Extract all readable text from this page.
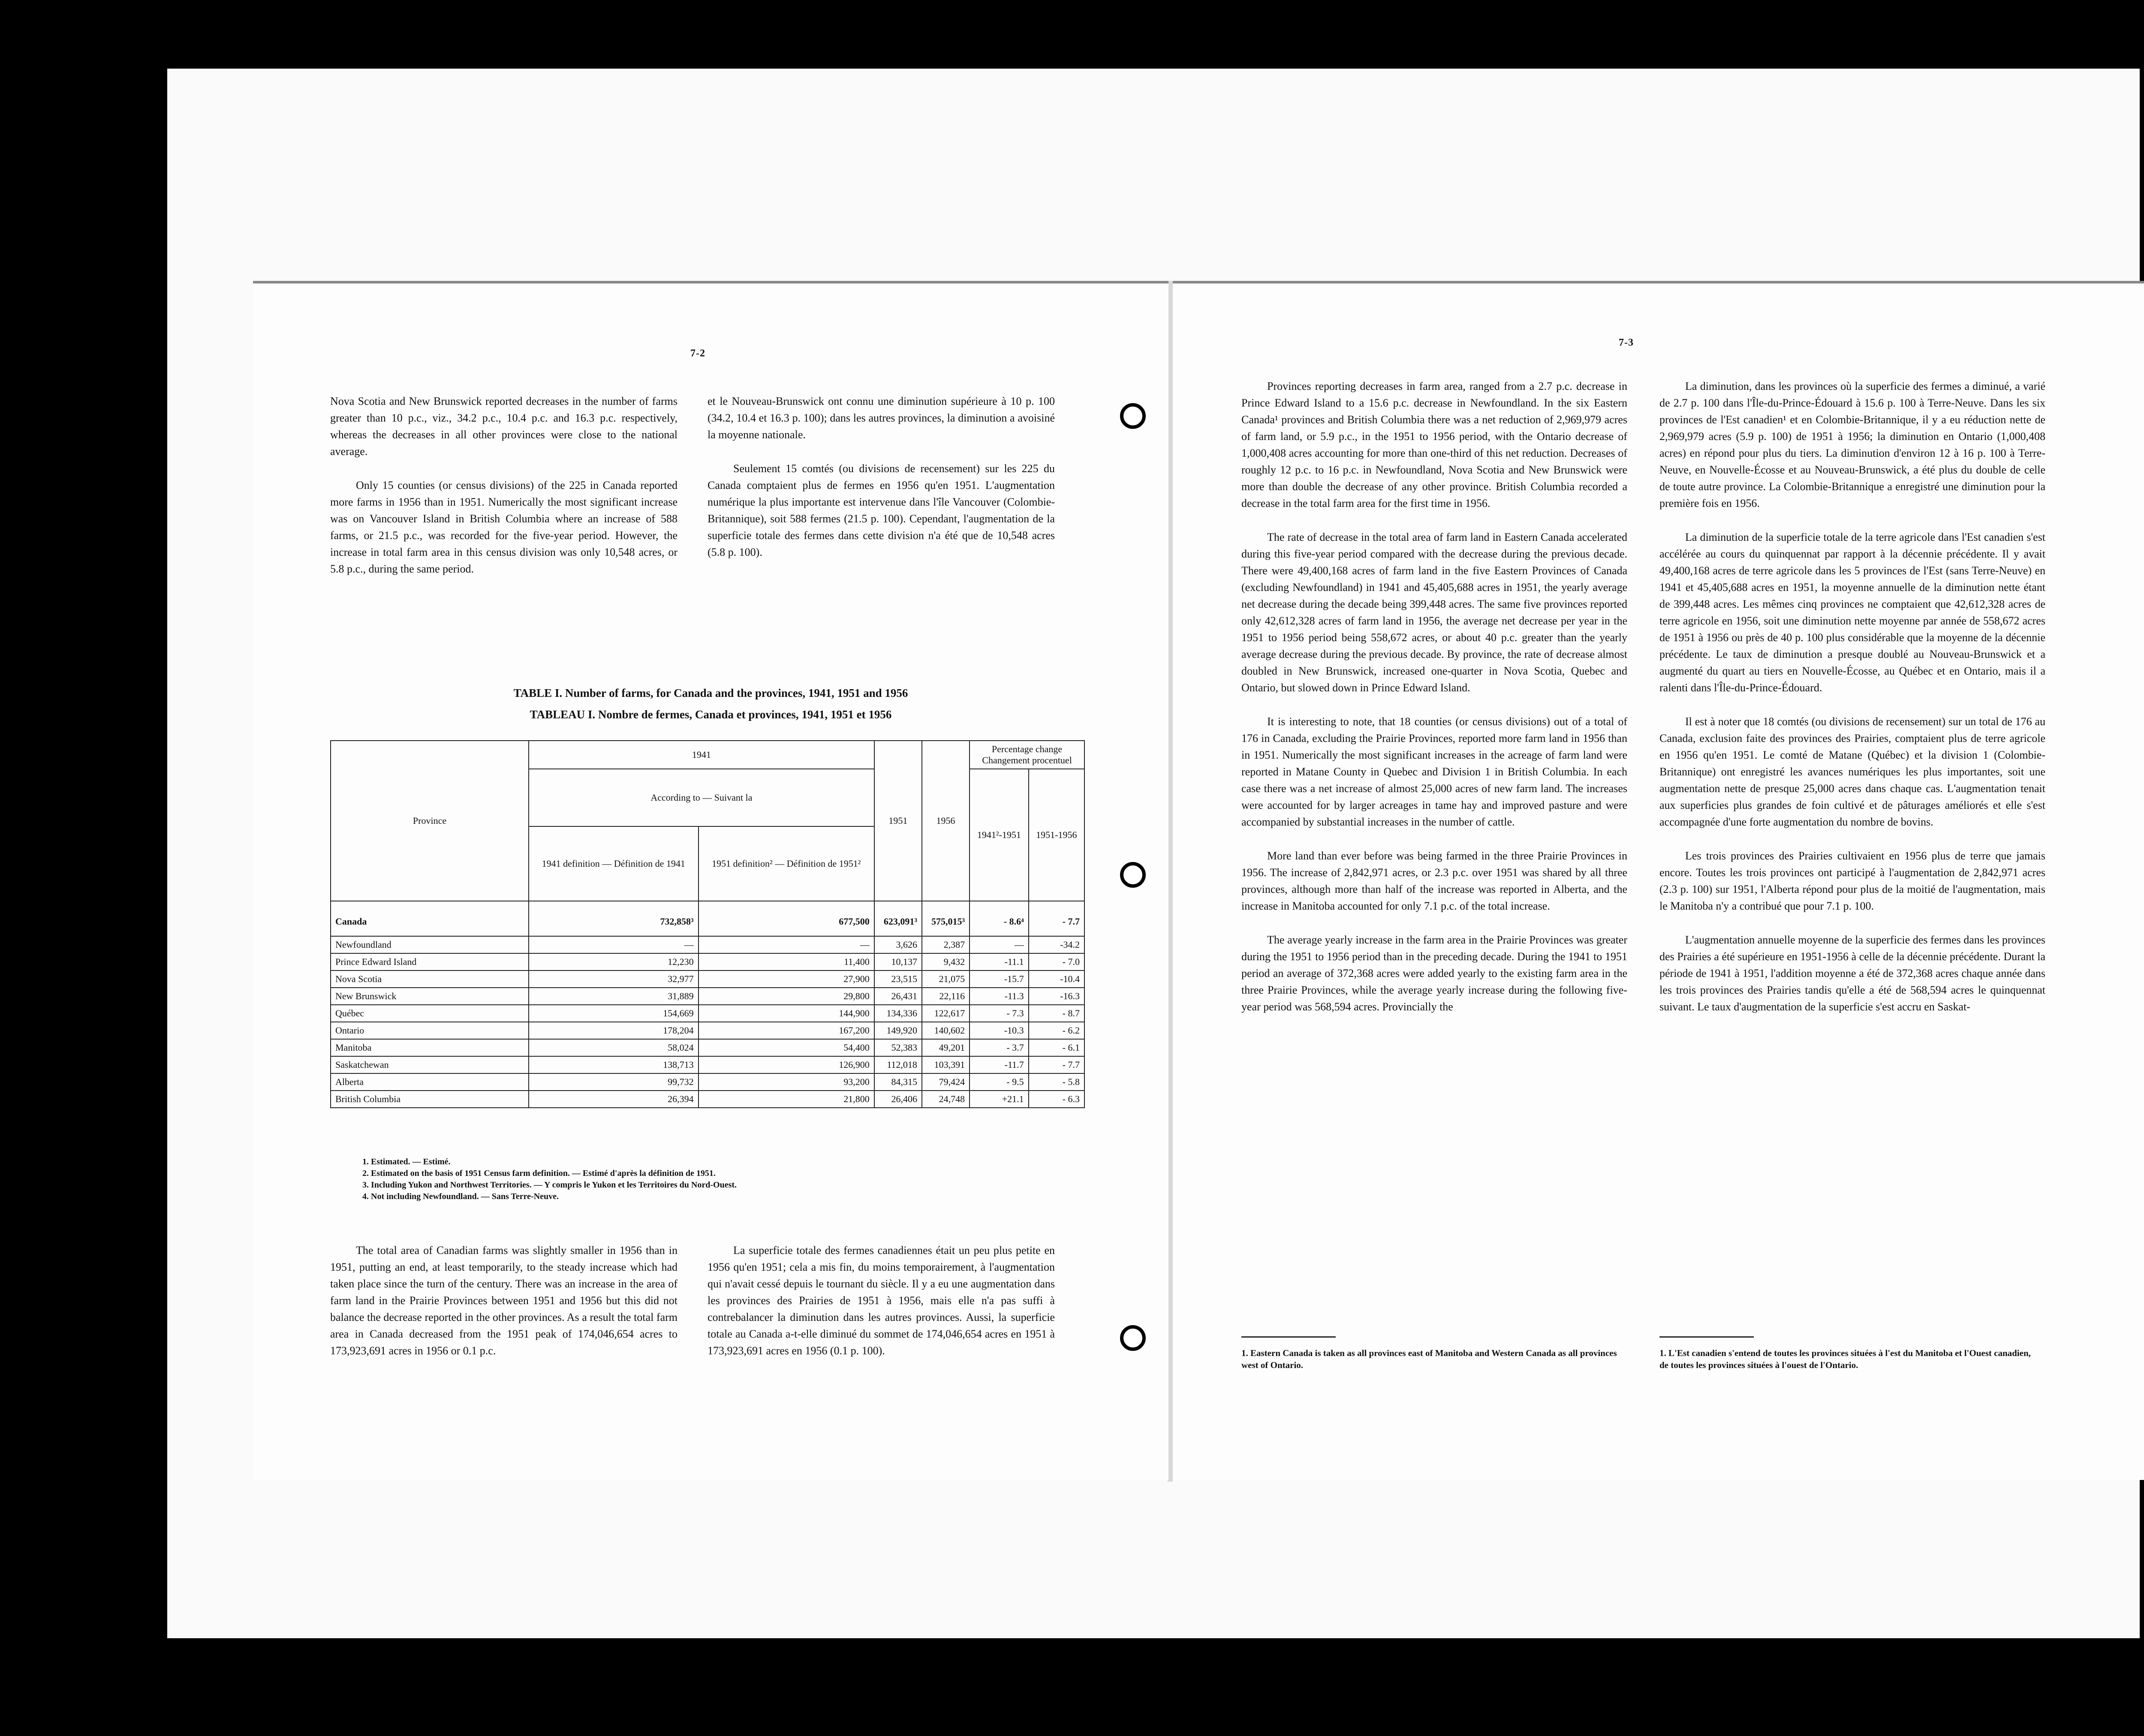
7-2

Nova Scotia and New Brunswick reported decreases in the number of farms greater than 10 p.c., viz., 34.2 p.c., 10.4 p.c. and 16.3 p.c. respectively, whereas the decreases in all other provinces were close to the national average.

Only 15 counties (or census divisions) of the 225 in Canada reported more farms in 1956 than in 1951. Numerically the most significant increase was on Vancouver Island in British Columbia where an increase of 588 farms, or 21.5 p.c., was recorded for the five-year period. However, the increase in total farm area in this census division was only 10,548 acres, or 5.8 p.c., during the same period.

et le Nouveau-Brunswick ont connu une diminution supérieure à 10 p. 100 (34.2, 10.4 et 16.3 p. 100); dans les autres provinces, la diminution a avoisiné la moyenne nationale.

Seulement 15 comtés (ou divisions de recensement) sur les 225 du Canada comptaient plus de fermes en 1956 qu'en 1951. L'augmentation numérique la plus importante est intervenue dans l'île Vancouver (Colombie-Britannique), soit 588 fermes (21.5 p. 100). Cependant, l'augmentation de la superficie totale des fermes dans cette division n'a été que de 10,548 acres (5.8 p. 100).

TABLE I. Number of farms, for Canada and the provinces, 1941, 1951 and 1956
TABLEAU I. Nombre de fermes, Canada et provinces, 1941, 1951 et 1956
Province	1941		1951	1956	Percentage change
Changement procentuel	

	According to — Suivant la				1941²-1951	1951-1956
	1941 definition — Définition de 1941	1951 definition² — Définition de 1951²				
Canada	732,858³	677,500	623,091³	575,015³	- 8.6⁴	- 7.7
Newfoundland	—	—	3,626	2,387	—	-34.2
Prince Edward Island	12,230	11,400	10,137	9,432	-11.1	- 7.0
Nova Scotia	32,977	27,900	23,515	21,075	-15.7	-10.4
New Brunswick	31,889	29,800	26,431	22,116	-11.3	-16.3
Québec	154,669	144,900	134,336	122,617	- 7.3	- 8.7
Ontario	178,204	167,200	149,920	140,602	-10.3	- 6.2
Manitoba	58,024	54,400	52,383	49,201	- 3.7	- 6.1
Saskatchewan	138,713	126,900	112,018	103,391	-11.7	- 7.7
Alberta	99,732	93,200	84,315	79,424	- 9.5	- 5.8
British Columbia	26,394	21,800	26,406	24,748	+21.1	- 6.3
1. Estimated. — Estimé.
2. Estimated on the basis of 1951 Census farm definition. — Estimé d'après la définition de 1951.
3. Including Yukon and Northwest Territories. — Y compris le Yukon et les Territoires du Nord-Ouest.
4. Not including Newfoundland. — Sans Terre-Neuve.

The total area of Canadian farms was slightly smaller in 1956 than in 1951, putting an end, at least temporarily, to the steady increase which had taken place since the turn of the century. There was an increase in the area of farm land in the Prairie Provinces between 1951 and 1956 but this did not balance the decrease reported in the other provinces. As a result the total farm area in Canada decreased from the 1951 peak of 174,046,654 acres to 173,923,691 acres in 1956 or 0.1 p.c.

La superficie totale des fermes canadiennes était un peu plus petite en 1956 qu'en 1951; cela a mis fin, du moins temporairement, à l'augmentation qui n'avait cessé depuis le tournant du siècle. Il y a eu une augmentation dans les provinces des Prairies de 1951 à 1956, mais elle n'a pas suffi à contrebalancer la diminution dans les autres provinces. Aussi, la superficie totale au Canada a-t-elle diminué du sommet de 174,046,654 acres en 1951 à 173,923,691 acres en 1956 (0.1 p. 100).

7-3

Provinces reporting decreases in farm area, ranged from a 2.7 p.c. decrease in Prince Edward Island to a 15.6 p.c. decrease in Newfoundland. In the six Eastern Canada¹ provinces and British Columbia there was a net reduction of 2,969,979 acres of farm land, or 5.9 p.c., in the 1951 to 1956 period, with the Ontario decrease of 1,000,408 acres accounting for more than one-third of this net reduction. Decreases of roughly 12 p.c. to 16 p.c. in Newfoundland, Nova Scotia and New Brunswick were more than double the decrease of any other province. British Columbia recorded a decrease in the total farm area for the first time in 1956.

The rate of decrease in the total area of farm land in Eastern Canada accelerated during this five-year period compared with the decrease during the previous decade. There were 49,400,168 acres of farm land in the five Eastern Provinces of Canada (excluding Newfoundland) in 1941 and 45,405,688 acres in 1951, the yearly average net decrease during the decade being 399,448 acres. The same five provinces reported only 42,612,328 acres of farm land in 1956, the average net decrease per year in the 1951 to 1956 period being 558,672 acres, or about 40 p.c. greater than the yearly average decrease during the previous decade. By province, the rate of decrease almost doubled in New Brunswick, increased one-quarter in Nova Scotia, Quebec and Ontario, but slowed down in Prince Edward Island.

It is interesting to note, that 18 counties (or census divisions) out of a total of 176 in Canada, excluding the Prairie Provinces, reported more farm land in 1956 than in 1951. Numerically the most significant increases in the acreage of farm land were reported in Matane County in Quebec and Division 1 in British Columbia. In each case there was a net increase of almost 25,000 acres of new farm land. The increases were accounted for by larger acreages in tame hay and improved pasture and were accompanied by substantial increases in the number of cattle.

More land than ever before was being farmed in the three Prairie Provinces in 1956. The increase of 2,842,971 acres, or 2.3 p.c. over 1951 was shared by all three provinces, although more than half of the increase was reported in Alberta, and the increase in Manitoba accounted for only 7.1 p.c. of the total increase.

The average yearly increase in the farm area in the Prairie Provinces was greater during the 1951 to 1956 period than in the preceding decade. During the 1941 to 1951 period an average of 372,368 acres were added yearly to the existing farm area in the three Prairie Provinces, while the average yearly increase during the following five-year period was 568,594 acres. Provincially the

La diminution, dans les provinces où la superficie des fermes a diminué, a varié de 2.7 p. 100 dans l'Île-du-Prince-Édouard à 15.6 p. 100 à Terre-Neuve. Dans les six provinces de l'Est canadien¹ et en Colombie-Britannique, il y a eu réduction nette de 2,969,979 acres (5.9 p. 100) de 1951 à 1956; la diminution en Ontario (1,000,408 acres) en répond pour plus du tiers. La diminution d'environ 12 à 16 p. 100 à Terre-Neuve, en Nouvelle-Écosse et au Nouveau-Brunswick, a été plus du double de celle de toute autre province. La Colombie-Britannique a enregistré une diminution pour la première fois en 1956.

La diminution de la superficie totale de la terre agricole dans l'Est canadien s'est accélérée au cours du quinquennat par rapport à la décennie précédente. Il y avait 49,400,168 acres de terre agricole dans les 5 provinces de l'Est (sans Terre-Neuve) en 1941 et 45,405,688 acres en 1951, la moyenne annuelle de la diminution nette étant de 399,448 acres. Les mêmes cinq provinces ne comptaient que 42,612,328 acres de terre agricole en 1956, soit une diminution nette moyenne par année de 558,672 acres de 1951 à 1956 ou près de 40 p. 100 plus considérable que la moyenne de la décennie précédente. Le taux de diminution a presque doublé au Nouveau-Brunswick et a augmenté du quart au tiers en Nouvelle-Écosse, au Québec et en Ontario, mais il a ralenti dans l'Île-du-Prince-Édouard.

Il est à noter que 18 comtés (ou divisions de recensement) sur un total de 176 au Canada, exclusion faite des provinces des Prairies, comptaient plus de terre agricole en 1956 qu'en 1951. Le comté de Matane (Québec) et la division 1 (Colombie-Britannique) ont enregistré les avances numériques les plus importantes, soit une augmentation nette de presque 25,000 acres dans chaque cas. L'augmentation tenait aux superficies plus grandes de foin cultivé et de pâturages améliorés et elle s'est accompagnée d'une forte augmentation du nombre de bovins.

Les trois provinces des Prairies cultivaient en 1956 plus de terre que jamais encore. Toutes les trois provinces ont participé à l'augmentation de 2,842,971 acres (2.3 p. 100) sur 1951, l'Alberta répond pour plus de la moitié de l'augmentation, mais le Manitoba n'y a contribué que pour 7.1 p. 100.

L'augmentation annuelle moyenne de la superficie des fermes dans les provinces des Prairies a été supérieure en 1951-1956 à celle de la décennie précédente. Durant la période de 1941 à 1951, l'addition moyenne a été de 372,368 acres chaque année dans les trois provinces des Prairies tandis qu'elle a été de 568,594 acres le quinquennat suivant. Le taux d'augmentation de la superficie s'est accru en Saskat-

1. Eastern Canada is taken as all provinces east of Manitoba and Western Canada as all provinces west of Ontario.
1. L'Est canadien s'entend de toutes les provinces situées à l'est du Manitoba et l'Ouest canadien, de toutes les provinces situées à l'ouest de l'Ontario.
